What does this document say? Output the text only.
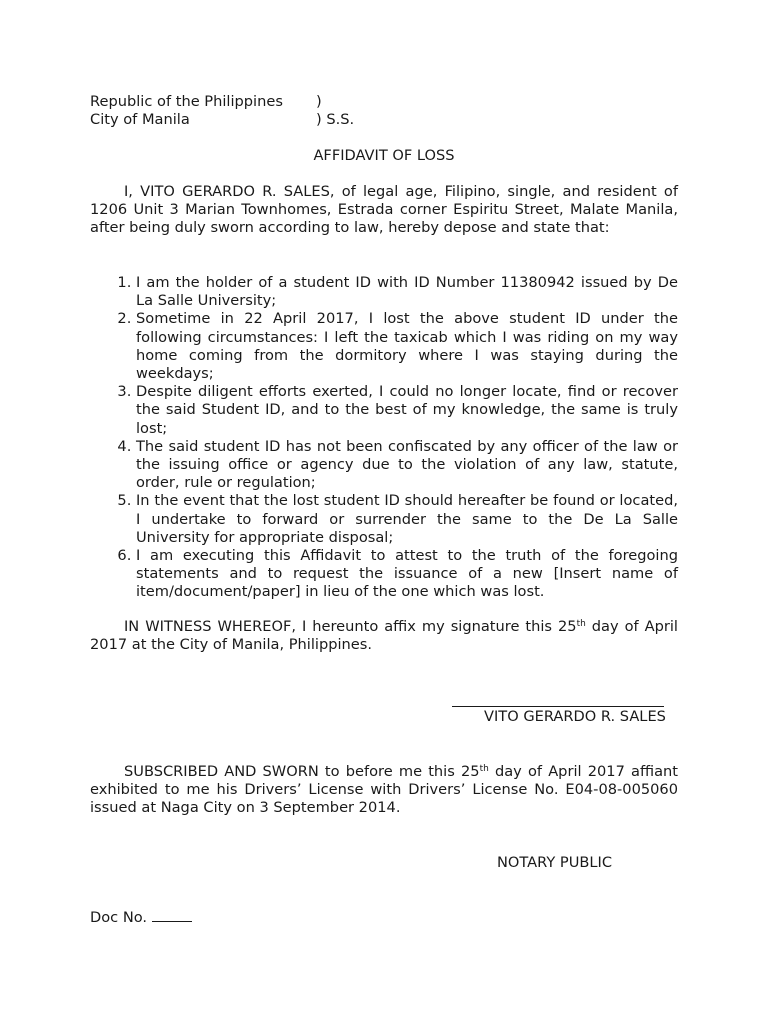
Republic of the Philippines )
City of Manila	) S.S.
AFFIDAVIT OF LOSS
I, VITO GERARDO R. SALES, of legal age, Filipino, single, and resident of 1206 Unit 3 Marian Townhomes, Estrada corner Espiritu Street, Malate Manila, after being duly sworn according to law, hereby depose and state that:
1. I am the holder of a student ID with ID Number 11380942 issued by De La Salle University;
2. Sometime in 22 April 2017, I lost the above student ID under the following circumstances: I left the taxicab which I was riding on my way home coming from the dormitory where I was staying during the weekdays;
3. Despite diligent efforts exerted, I could no longer locate, find or recover the said Student ID, and to the best of my knowledge, the same is truly lost;
4. The said student ID has not been confiscated by any officer of the law or the issuing office or agency due to the violation of any law, statute, order, rule or regulation;
5. In the event that the lost student ID should hereafter be found or located, I undertake to forward or surrender the same to the De La Salle University for appropriate disposal;
6. I am executing this Affidavit to attest to the truth of the foregoing statements and to request the issuance of a new [Insert name of item/document/paper] in lieu of the one which was lost.
IN WITNESS WHEREOF, I hereunto affix my signature this 25th day of April 2017 at the City of Manila, Philippines.
VITO GERARDO R. SALES
SUBSCRIBED AND SWORN to before me this 25th day of April 2017 affiant exhibited to me his Drivers’ License with Drivers’ License No. E04-08-005060 issued at Naga City on 3 September 2014.
NOTARY PUBLIC
Doc No.
